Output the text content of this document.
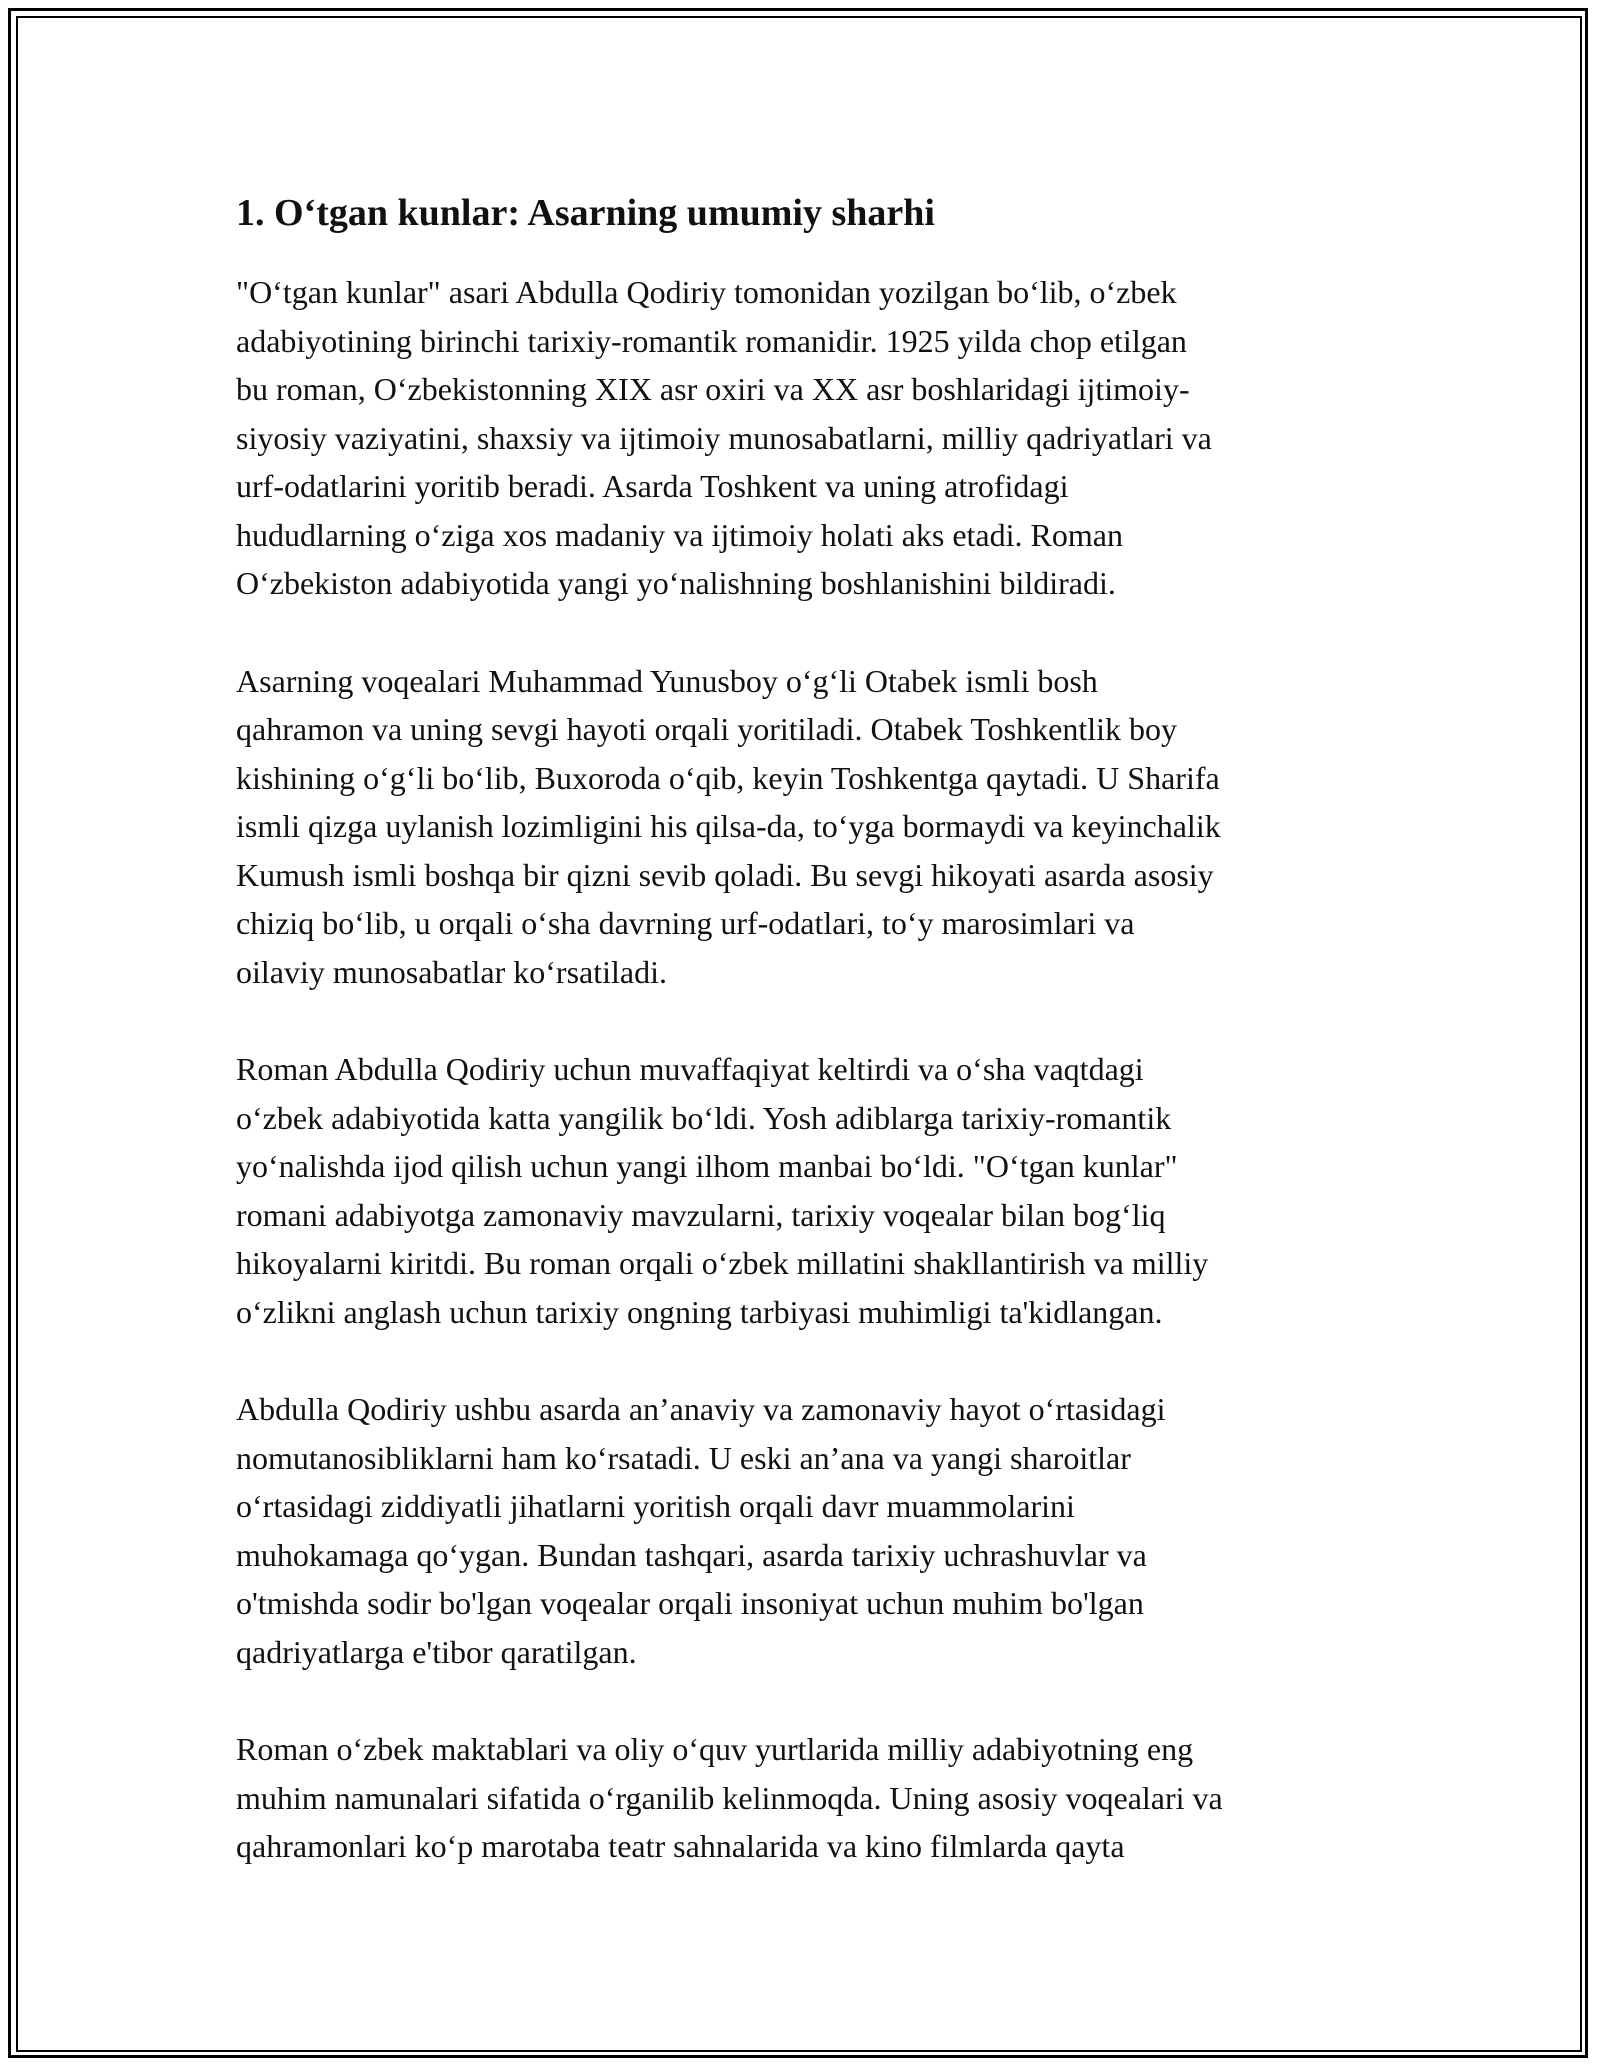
1. O‘tgan kunlar: Asarning umumiy sharhi

"O‘tgan kunlar" asari Abdulla Qodiriy tomonidan yozilgan bo‘lib, o‘zbek
adabiyotining birinchi tarixiy-romantik romanidir. 1925 yilda chop etilgan
bu roman, O‘zbekistonning XIX asr oxiri va XX asr boshlaridagi ijtimoiy-
siyosiy vaziyatini, shaxsiy va ijtimoiy munosabatlarni, milliy qadriyatlari va
urf-odatlarini yoritib beradi. Asarda Toshkent va uning atrofidagi
hududlarning o‘ziga xos madaniy va ijtimoiy holati aks etadi. Roman
O‘zbekiston adabiyotida yangi yo‘nalishning boshlanishini bildiradi.

Asarning voqealari Muhammad Yunusboy o‘g‘li Otabek ismli bosh
qahramon va uning sevgi hayoti orqali yoritiladi. Otabek Toshkentlik boy
kishining o‘g‘li bo‘lib, Buxoroda o‘qib, keyin Toshkentga qaytadi. U Sharifa
ismli qizga uylanish lozimligini his qilsa-da, to‘yga bormaydi va keyinchalik
Kumush ismli boshqa bir qizni sevib qoladi. Bu sevgi hikoyati asarda asosiy
chiziq bo‘lib, u orqali o‘sha davrning urf-odatlari, to‘y marosimlari va
oilaviy munosabatlar ko‘rsatiladi.

Roman Abdulla Qodiriy uchun muvaffaqiyat keltirdi va o‘sha vaqtdagi
o‘zbek adabiyotida katta yangilik bo‘ldi. Yosh adiblarga tarixiy-romantik
yo‘nalishda ijod qilish uchun yangi ilhom manbai bo‘ldi. "O‘tgan kunlar"
romani adabiyotga zamonaviy mavzularni, tarixiy voqealar bilan bog‘liq
hikoyalarni kiritdi. Bu roman orqali o‘zbek millatini shakllantirish va milliy
o‘zlikni anglash uchun tarixiy ongning tarbiyasi muhimligi ta'kidlangan.

Abdulla Qodiriy ushbu asarda an’anaviy va zamonaviy hayot o‘rtasidagi
nomutanosibliklarni ham ko‘rsatadi. U eski an’ana va yangi sharoitlar
o‘rtasidagi ziddiyatli jihatlarni yoritish orqali davr muammolarini
muhokamaga qo‘ygan. Bundan tashqari, asarda tarixiy uchrashuvlar va
o'tmishda sodir bo'lgan voqealar orqali insoniyat uchun muhim bo'lgan
qadriyatlarga e'tibor qaratilgan.

Roman o‘zbek maktablari va oliy o‘quv yurtlarida milliy adabiyotning eng
muhim namunalari sifatida o‘rganilib kelinmoqda. Uning asosiy voqealari va
qahramonlari ko‘p marotaba teatr sahnalarida va kino filmlarda qayta
